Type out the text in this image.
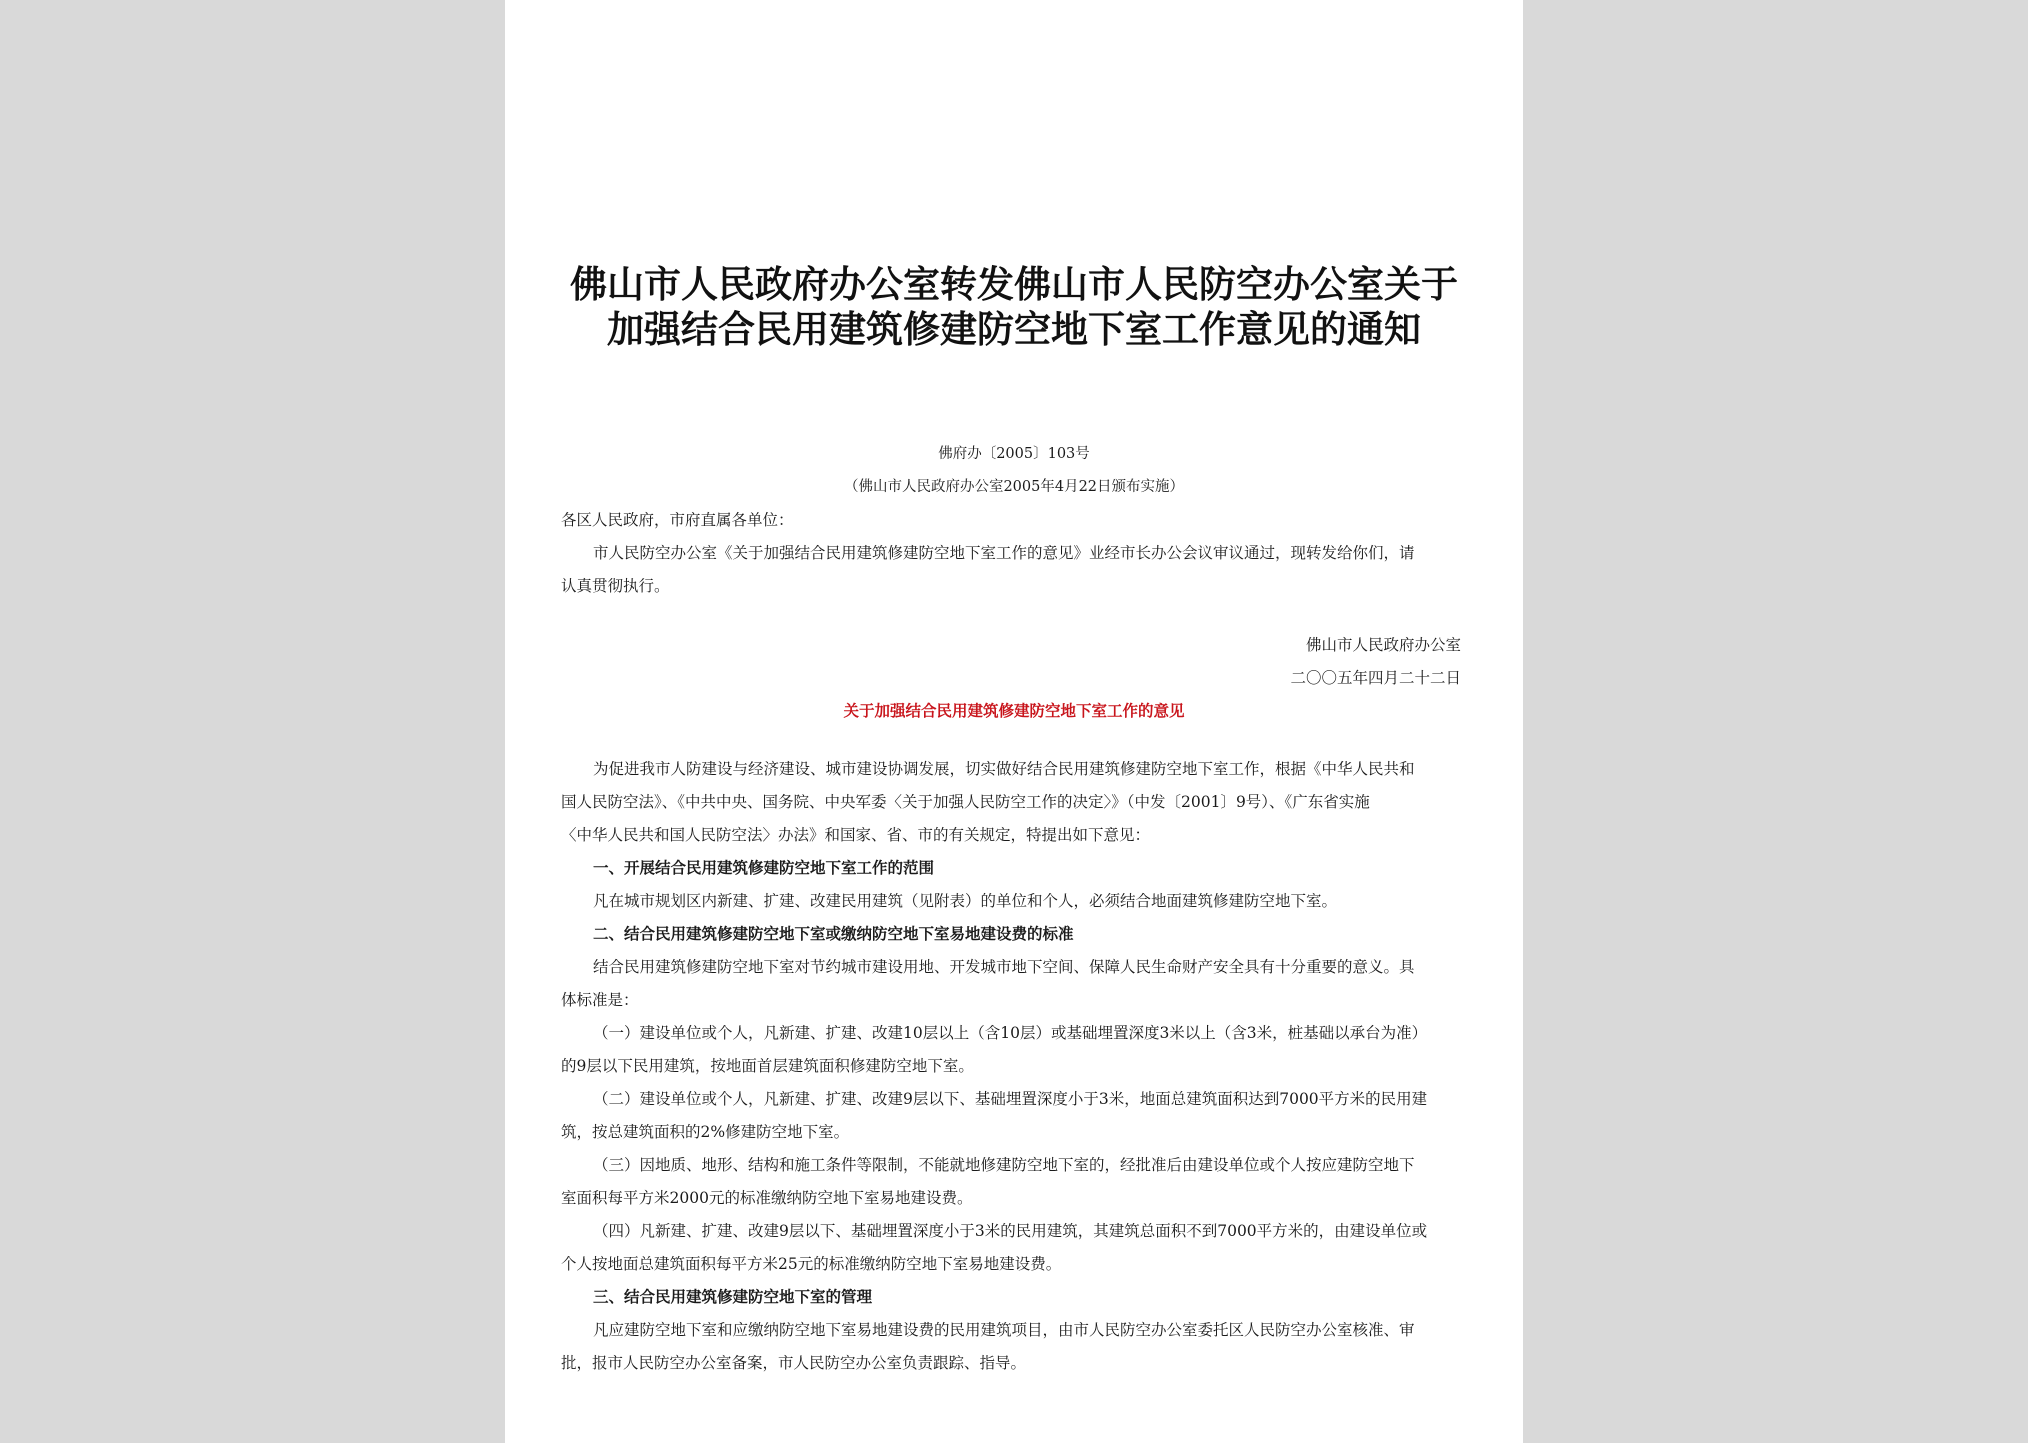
佛山市人民政府办公室转发佛山市人民防空办公室关于
加强结合民用建筑修建防空地下室工作意见的通知
佛府办〔2005〕103号
（佛山市人民政府办公室2005年4月22日颁布实施）
各区人民政府，市府直属各单位：
市人民防空办公室《关于加强结合民用建筑修建防空地下室工作的意见》业经市长办公会议审议通过，现转发给你们，请
认真贯彻执行。
佛山市人民政府办公室
二〇〇五年四月二十二日
关于加强结合民用建筑修建防空地下室工作的意见
为促进我市人防建设与经济建设、城市建设协调发展，切实做好结合民用建筑修建防空地下室工作，根据《中华人民共和
国人民防空法》、《中共中央、国务院、中央军委〈关于加强人民防空工作的决定〉》（中发〔2001〕9号）、《广东省实施
〈中华人民共和国人民防空法〉办法》和国家、省、市的有关规定，特提出如下意见：
一、开展结合民用建筑修建防空地下室工作的范围
凡在城市规划区内新建、扩建、改建民用建筑（见附表）的单位和个人，必须结合地面建筑修建防空地下室。
二、结合民用建筑修建防空地下室或缴纳防空地下室易地建设费的标准
结合民用建筑修建防空地下室对节约城市建设用地、开发城市地下空间、保障人民生命财产安全具有十分重要的意义。具
体标准是：
（一）建设单位或个人，凡新建、扩建、改建10层以上（含10层）或基础埋置深度3米以上（含3米，桩基础以承台为准）
的9层以下民用建筑，按地面首层建筑面积修建防空地下室。
（二）建设单位或个人，凡新建、扩建、改建9层以下、基础埋置深度小于3米，地面总建筑面积达到7000平方米的民用建
筑，按总建筑面积的2%修建防空地下室。
（三）因地质、地形、结构和施工条件等限制，不能就地修建防空地下室的，经批准后由建设单位或个人按应建防空地下
室面积每平方米2000元的标准缴纳防空地下室易地建设费。
（四）凡新建、扩建、改建9层以下、基础埋置深度小于3米的民用建筑，其建筑总面积不到7000平方米的，由建设单位或
个人按地面总建筑面积每平方米25元的标准缴纳防空地下室易地建设费。
三、结合民用建筑修建防空地下室的管理
凡应建防空地下室和应缴纳防空地下室易地建设费的民用建筑项目，由市人民防空办公室委托区人民防空办公室核准、审
批，报市人民防空办公室备案，市人民防空办公室负责跟踪、指导。
